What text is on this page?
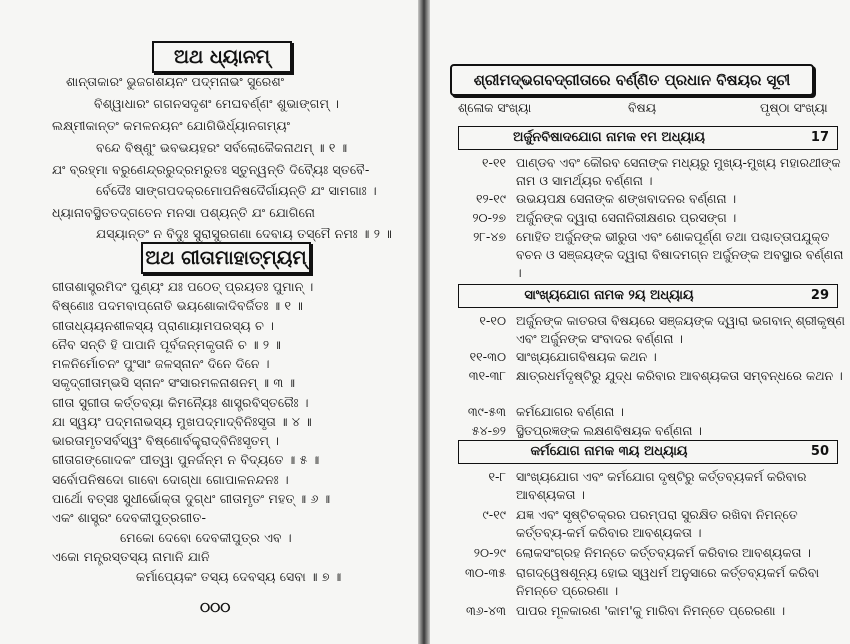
ଅଥ ଧ୍ୟାନମ୍
ଶାନ୍ତାକାରଂ ଭୁଜଗଶୟନଂ ପଦ୍ମନାଭଂ ସୁରେଶଂ
ବିଶ୍ୱାଧାରଂ ଗଗନସଦୃଶଂ ମେଘବର୍ଣ୍ଣଂ ଶୁଭାଙ୍ଗମ୍ ।
ଲକ୍ଷ୍ମୀକାନ୍ତଂ କମଳନୟନଂ ଯୋଗିଭିର୍ଧ୍ୟାନଗମ୍ୟଂ
ବନ୍ଦେ ବିଷ୍ଣୁଂ ଭବଭୟହରଂ ସର୍ବଲୋକୈକନାଥମ୍ ॥ ୧ ॥
ଯଂ ବ୍ରହ୍ମା ବରୁଣେନ୍ଦ୍ରରୁଦ୍ରମରୁତଃ ସ୍ତୁନ୍ୱନ୍ତି ଦିବ୍ୟୈଃ ସ୍ତବୈ-
ର୍ବେଦୈଃ ସାଙ୍ଗପଦକ୍ରମୋପନିଷଦୈର୍ଗାୟନ୍ତି ଯଂ ସାମଗାଃ ।
ଧ୍ୟାନାବସ୍ଥିତତଦ୍ଗତେନ ମନସା ପଶ୍ୟନ୍ତି ଯଂ ଯୋଗିନୋ
ଯସ୍ୟାନ୍ତଂ ନ ବିଦୁଃ ସୁରାସୁରଗଣା ଦେବାୟ ତସ୍ମୈ ନମଃ ॥ ୨ ॥
ଅଥ ଗୀତାମାହାତ୍ମ୍ୟମ୍
ଗୀତାଶାସ୍ତ୍ରମିଦଂ ପୁଣ୍ୟଂ ଯଃ ପଠେତ୍ ପ୍ରୟତଃ ପୁମାନ୍ ।
ବିଷ୍ଣୋଃ ପଦମବାପ୍ନୋତି ଭୟଶୋକାଦିବର୍ଜିତଃ ॥ ୧ ॥
ଗୀତାଧ୍ୟୟନଶୀଳସ୍ୟ ପ୍ରାଣାୟାମପରସ୍ୟ ଚ ।
ନୈବ ସନ୍ତି ହି ପାପାନି ପୂର୍ବଜନ୍ମକୃତାନି ଚ ॥ ୨ ॥
ମଳନିର୍ମୋଚନଂ ପୁଂସାଂ ଜଳସ୍ନାନଂ ଦିନେ ଦିନେ ।
ସକୃଦ୍‌ଗୀତାମ୍ଭସି ସ୍ନାନଂ ସଂସାରମଳନାଶନମ୍ ॥ ୩ ॥
ଗୀତା ସୁଗୀତା କର୍ତ୍ତବ୍ୟା କିମନ୍ୟୈଃ ଶାସ୍ତ୍ରବିସ୍ତରୈଃ ।
ଯା ସ୍ୱୟଂ ପଦ୍ମନାଭସ୍ୟ ମୁଖପଦ୍ମାଦ୍‌ବିନିଃସୃତା ॥ ୪ ॥
ଭାରତାମୃତସର୍ବସ୍ୱଂ ବିଷ୍ଣୋର୍ବକ୍ତ୍ରାଦ୍‌ବିନିଃସୃତମ୍ ।
ଗୀତାଗଙ୍ଗୋଦକଂ ପୀତ୍ୱା ପୁନର୍ଜନ୍ମ ନ ବିଦ୍ୟତେ ॥ ୫ ॥
ସର୍ବୋପନିଷଦୋ ଗାବୋ ଦୋଗ୍‌ଧା ଗୋପାଳନନ୍ଦନଃ ।
ପାର୍ଥୋ ବତ୍ସଃ ସୁଧୀର୍ଭୋକ୍ତା ଦୁଗ୍ଧଂ ଗୀତାମୃତଂ ମହତ୍ ॥ ୬ ॥
ଏକଂ ଶାସ୍ତ୍ରଂ ଦେବକୀପୁତ୍ରଗୀତ-
ମେକୋ ଦେବୋ ଦେବକୀପୁତ୍ର ଏବ ।
ଏକୋ ମନ୍ତ୍ରସ୍ତସ୍ୟ ନାମାନି ଯାନି
କର୍ମାପ୍ୟେକଂ ତସ୍ୟ ଦେବସ୍ୟ ସେବା ॥ ୭ ॥
୦୦୦
ଶ୍ରୀମଦ୍‌ଭଗବଦ୍‌ଗୀତାରେ ବର୍ଣ୍ଣିତ ପ୍ରଧାନ ବିଷୟର ସୂଚୀ
ଶ୍ଳୋକ ସଂଖ୍ୟା	ବିଷୟ	ପୃଷ୍ଠା ସଂଖ୍ୟା
ଅର୍ଜୁନବିଷାଦଯୋଗ ନାମକ ୧ମ ଅଧ୍ୟାୟ	17
୧-୧୧ ପାଣ୍ଡବ ଏବଂ କୌରବ ସେନାଙ୍କ ମଧ୍ୟରୁ ମୁଖ୍ୟ-ମୁଖ୍ୟ ମହାରଥୀଙ୍କ ନାମ ଓ ସାମର୍ଥ୍ୟର ବର୍ଣ୍ଣନା ।
୧୨-୧୯ ଉଭୟପକ୍ଷ ସେନାଙ୍କ ଶଙ୍ଖବାଦନର ବର୍ଣ୍ଣନା ।
୨୦-୨୭ ଅର୍ଜୁନଙ୍କ ଦ୍ୱାରା ସେନାନିରୀକ୍ଷଣର ପ୍ରସଙ୍ଗ ।
୨୮-୪୭ ମୋହିତ ଅର୍ଜୁନଙ୍କ ଭୀରୁତା ଏବଂ ଶୋକପୂର୍ଣ୍ଣ ତଥା ପଶ୍ଚାତ୍ତାପଯୁକ୍ତ ବଚନ ଓ ସଞ୍ଜୟଙ୍କ ଦ୍ୱାରା ବିଷାଦମଗ୍ନ ଅର୍ଜୁନଙ୍କ ଅବସ୍ଥାର ବର୍ଣ୍ଣନା ।
ସାଂଖ୍ୟଯୋଗ ନାମକ ୨ୟ ଅଧ୍ୟାୟ	29
୧-୧୦ ଅର୍ଜୁନଙ୍କ କାତରତା ବିଷୟରେ ସଞ୍ଜୟଙ୍କ ଦ୍ୱାରା ଭଗବାନ୍ ଶ୍ରୀକୃଷ୍ଣ ଏବଂ ଅର୍ଜୁନଙ୍କ ସଂବାଦର ବର୍ଣ୍ଣନା ।
୧୧-୩୦ ସାଂଖ୍ୟଯୋଗବିଷୟକ କଥନ ।
୩୧-୩୮ କ୍ଷାତ୍ରଧର୍ମଦୃଷ୍ଟିରୁ ଯୁଦ୍ଧ କରିବାର ଆବଶ୍ୟକତା ସମ୍ବନ୍ଧରେ କଥନ ।
୩୯-୫୩ କର୍ମଯୋଗର ବର୍ଣ୍ଣନା ।
୫୪-୭୨ ସ୍ଥିତପ୍ରଜ୍ଞଙ୍କ ଲକ୍ଷଣବିଷୟକ ବର୍ଣ୍ଣନା ।
କର୍ମଯୋଗ ନାମକ ୩ୟ ଅଧ୍ୟାୟ	50
୧-୮ ସାଂଖ୍ୟଯୋଗ ଏବଂ କର୍ମଯୋଗ ଦୃଷ୍ଟିରୁ କର୍ତ୍ତବ୍ୟକର୍ମ କରିବାର ଆବଶ୍ୟକତା ।
୯-୧୯ ଯଜ୍ଞ ଏବଂ ସୃଷ୍ଟିଚକ୍ରର ପରମ୍ପରା ସୁରକ୍ଷିତ ରଖିବା ନିମନ୍ତେ କର୍ତ୍ତବ୍ୟ-କର୍ମ କରିବାର ଆବଶ୍ୟକତା ।
୨୦-୨୯ ଲୋକସଂଗ୍ରହ ନିମନ୍ତେ କର୍ତ୍ତବ୍ୟକର୍ମ କରିବାର ଆବଶ୍ୟକତା ।
୩୦-୩୫ ରାଗଦ୍ୱେଷଶୂନ୍ୟ ହୋଇ ସ୍ୱଧର୍ମ ଅନୁସାରେ କର୍ତ୍ତବ୍ୟକର୍ମ କରିବା ନିମନ୍ତେ ପ୍ରେରଣା ।
୩୬-୪୩ ପାପର ମୂଳକାରଣ 'କାମ'କୁ ମାରିବା ନିମନ୍ତେ ପ୍ରେରଣା ।
